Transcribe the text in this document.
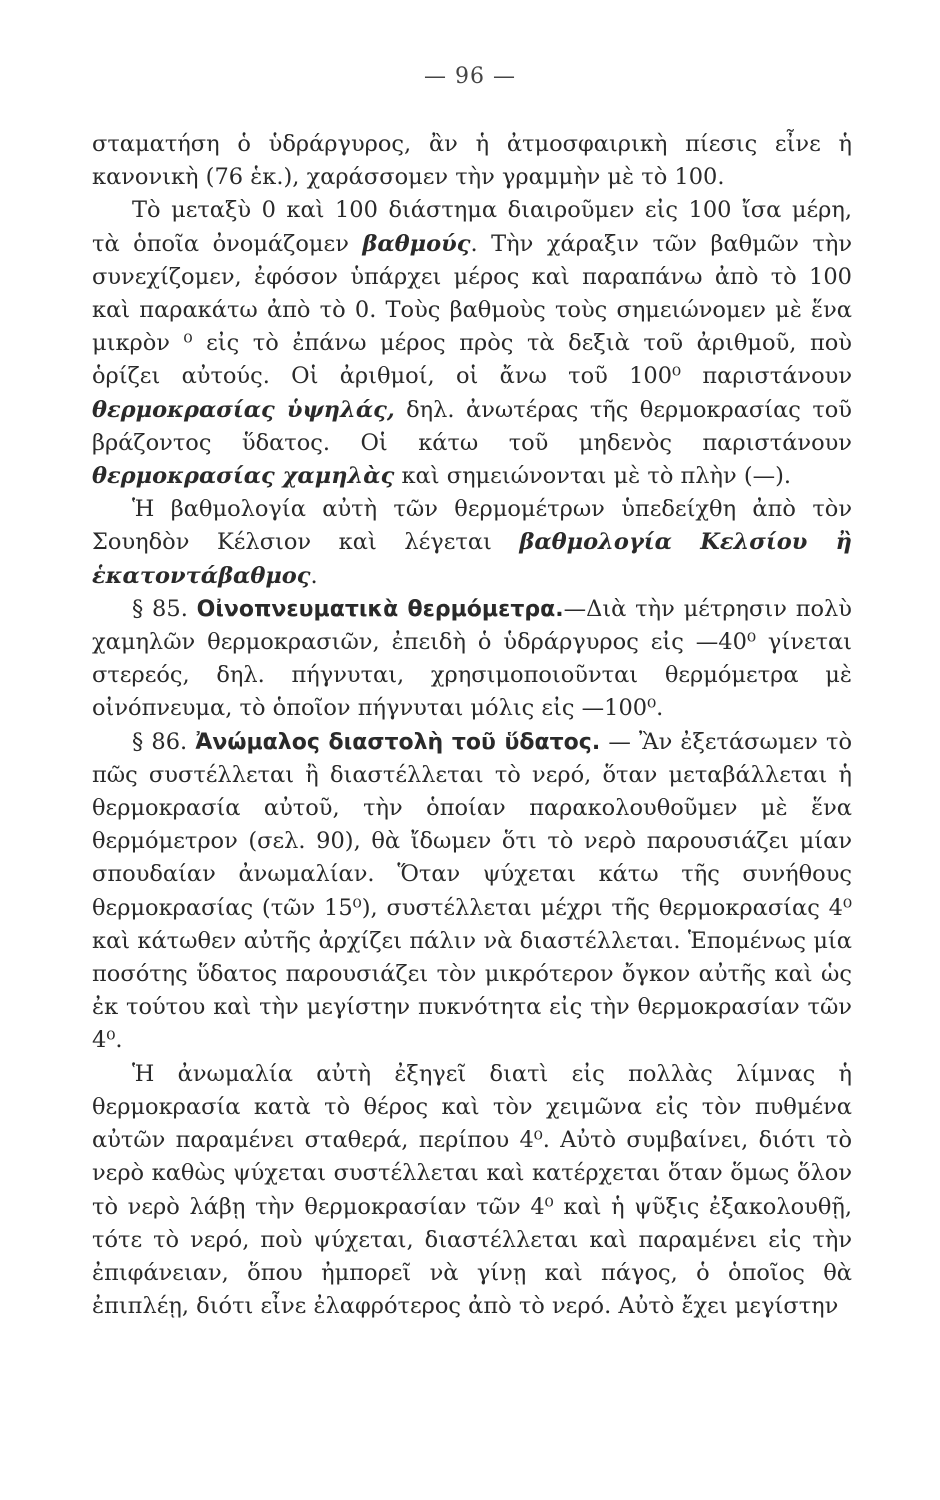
— 96 —

σταματήση ὁ ὑδράργυρος, ἂν ἡ ἀτμοσφαιρικὴ πίεσις εἶνε ἡ κανονικὴ (76 ἑκ.), χαράσσομεν τὴν γραμμὴν μὲ τὸ 100.

Τὸ μεταξὺ 0 καὶ 100 διάστημα διαιροῦμεν εἰς 100 ἴσα μέρη, τὰ ὁποῖα ὀνομάζομεν βαθμούς. Τὴν χάραξιν τῶν βαθμῶν τὴν συνεχίζομεν, ἐφόσον ὑπάρχει μέρος καὶ παραπάνω ἀπὸ τὸ 100 καὶ παρακάτω ἀπὸ τὸ 0. Τοὺς βαθμοὺς τοὺς σημειώνομεν μὲ ἕνα μικρὸν ⁰ εἰς τὸ ἐπάνω μέρος πρὸς τὰ δεξιὰ τοῦ ἀριθμοῦ, ποὺ ὁρίζει αὐτούς. Οἱ ἀριθμοί, οἱ ἄνω τοῦ 100⁰ παριστάνουν θερμοκρασίας ὑψηλάς, δηλ. ἀνωτέρας τῆς θερμοκρασίας τοῦ βράζοντος ὕδατος. Οἱ κάτω τοῦ μηδενὸς παριστάνουν θερμοκρασίας χαμηλὰς καὶ σημειώνονται μὲ τὸ πλὴν (—).

Ἡ βαθμολογία αὐτὴ τῶν θερμομέτρων ὑπεδείχθη ἀπὸ τὸν Σουηδὸν Κέλσιον καὶ λέγεται βαθμολογία Κελσίου ἢ ἑκατοντάβαθμος.

§ 85. Οἰνοπνευματικὰ θερμόμετρα.—Διὰ τὴν μέτρησιν πολὺ χαμηλῶν θερμοκρασιῶν, ἐπειδὴ ὁ ὑδράργυρος εἰς —40⁰ γίνεται στερεός, δηλ. πήγνυται, χρησιμοποιοῦνται θερμόμετρα μὲ οἰνόπνευμα, τὸ ὁποῖον πήγνυται μόλις εἰς —100⁰.

§ 86. Ἀνώμαλος διαστολὴ τοῦ ὕδατος. — Ἂν ἐξετάσωμεν τὸ πῶς συστέλλεται ἢ διαστέλλεται τὸ νερό, ὅταν μεταβάλλεται ἡ θερμοκρασία αὐτοῦ, τὴν ὁποίαν παρακολουθοῦμεν μὲ ἕνα θερμόμετρον (σελ. 90), θὰ ἴδωμεν ὅτι τὸ νερὸ παρουσιάζει μίαν σπουδαίαν ἀνωμαλίαν. Ὅταν ψύχεται κάτω τῆς συνήθους θερμοκρασίας (τῶν 15⁰), συστέλλεται μέχρι τῆς θερμοκρασίας 4⁰ καὶ κάτωθεν αὐτῆς ἀρχίζει πάλιν νὰ διαστέλλεται. Ἑπομένως μία ποσότης ὕδατος παρουσιάζει τὸν μικρότερον ὄγκον αὐτῆς καὶ ὡς ἐκ τούτου καὶ τὴν μεγίστην πυκνότητα εἰς τὴν θερμοκρασίαν τῶν 4⁰.

Ἡ ἀνωμαλία αὐτὴ ἐξηγεῖ διατὶ εἰς πολλὰς λίμνας ἡ θερμοκρασία κατὰ τὸ θέρος καὶ τὸν χειμῶνα εἰς τὸν πυθμένα αὐτῶν παραμένει σταθερά, περίπου 4⁰. Αὐτὸ συμβαίνει, διότι τὸ νερὸ καθὼς ψύχεται συστέλλεται καὶ κατέρχεται ὅταν ὅμως ὅλον τὸ νερὸ λάβῃ τὴν θερμοκρασίαν τῶν 4⁰ καὶ ἡ ψῦξις ἐξακολουθῇ, τότε τὸ νερό, ποὺ ψύχεται, διαστέλλεται καὶ παραμένει εἰς τὴν ἐπιφάνειαν, ὅπου ἠμπορεῖ νὰ γίνῃ καὶ πάγος, ὁ ὁποῖος θὰ ἐπιπλέῃ, διότι εἶνε ἐλαφρότερος ἀπὸ τὸ νερό. Αὐτὸ ἔχει μεγίστην
